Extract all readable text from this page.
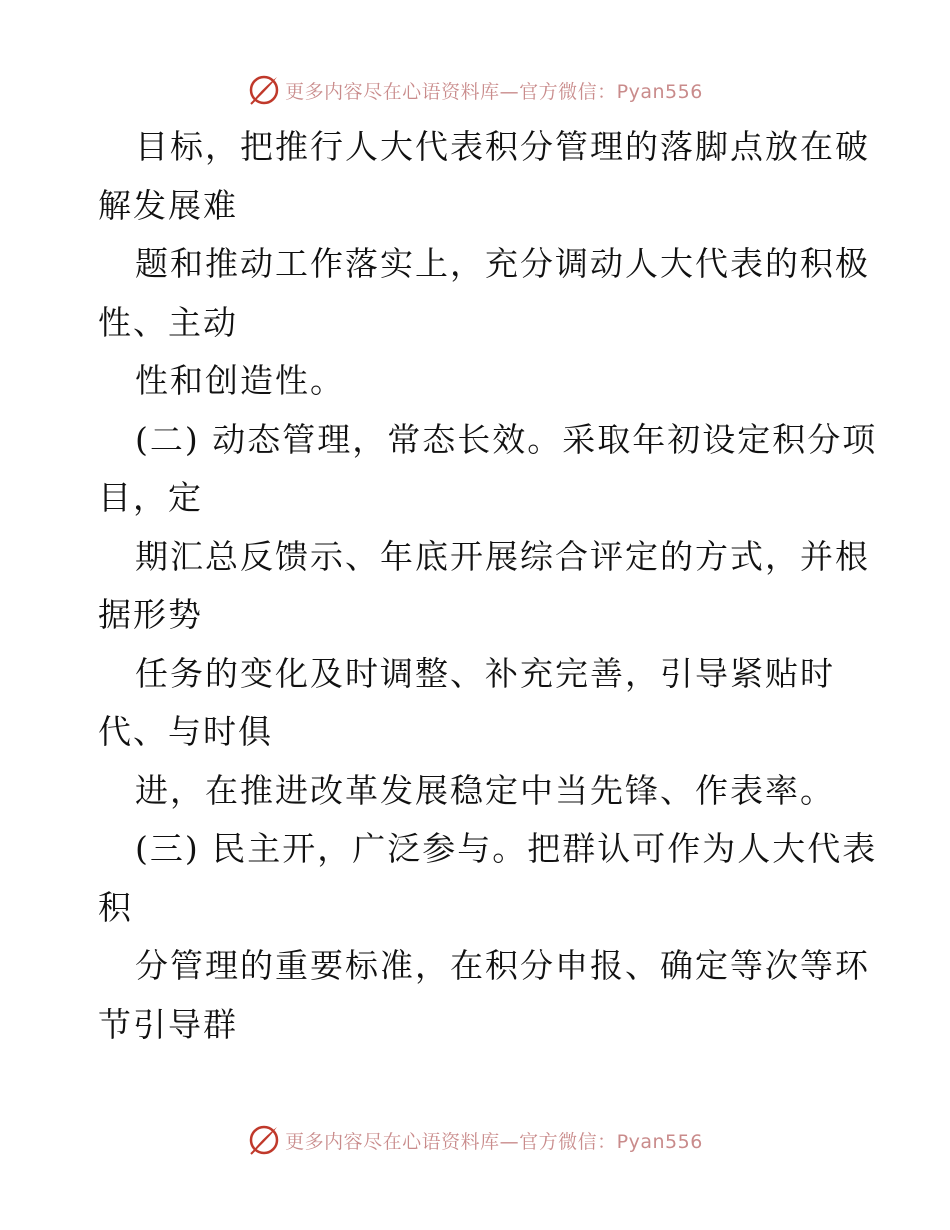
更多内容尽在心语资料库—官方微信：Pyan556
目标，把推行人大代表积分管理的落脚点放在破
解发展难
题和推动工作落实上，充分调动人大代表的积极
性、主动
性和创造性。
(二) 动态管理，常态长效。采取年初设定积分项
目，定
期汇总反馈示、年底开展综合评定的方式，并根
据形势
任务的变化及时调整、补充完善，引导紧贴时
代、与时俱
进，在推进改革发展稳定中当先锋、作表率。
(三) 民主开，广泛参与。把群认可作为人大代表
积
分管理的重要标准，在积分申报、确定等次等环
节引导群
更多内容尽在心语资料库—官方微信：Pyan556
